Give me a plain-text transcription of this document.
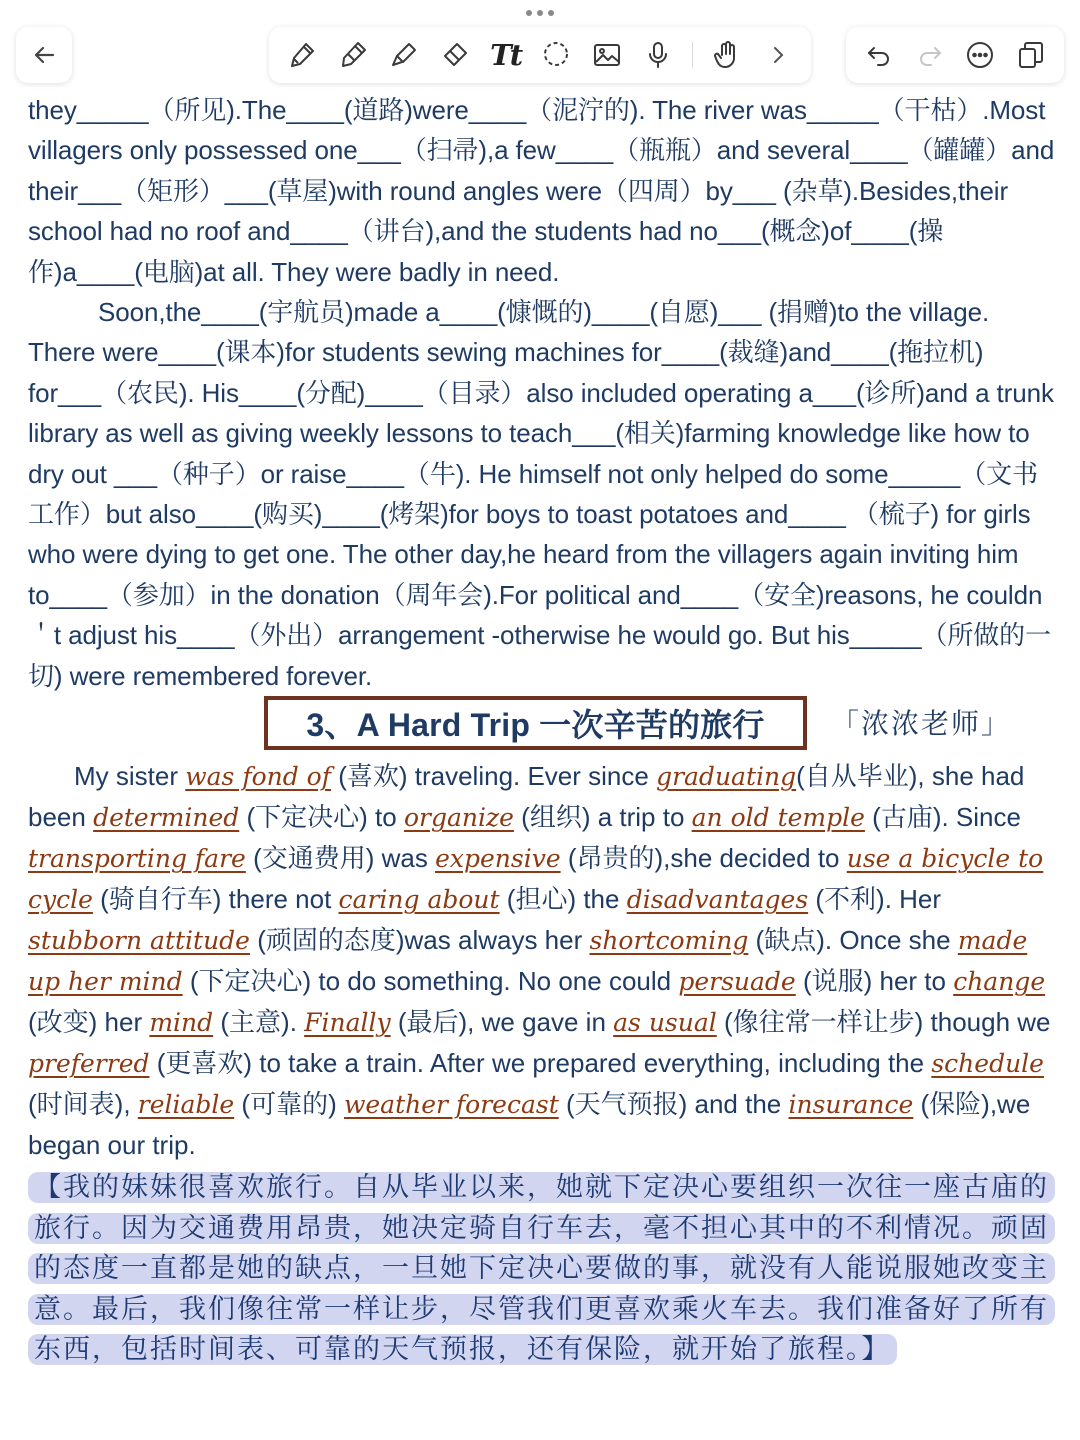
Tt

they_____（所见).The____(道路)were____（泥泞的). The river was_____（干枯）.Most villagers only possessed one___（扫帚),a few____（瓶瓶）and several____（罐罐）and their___（矩形）___(草屋)with round angles were（四周）by___ (杂草).Besides,their school had no roof and____（讲台),and the students had no___(概念)of____(操作)a____(电脑)at all. They were badly in need.

Soon,the____(宇航员)made a____(慷慨的)____(自愿)___ (捐赠)to the village. There were____(课本)for students sewing machines for____(裁缝)and____(拖拉机) for___（农民). His____(分配)____（目录）also included operating a___(诊所)and a trunk library as well as giving weekly lessons to teach___(相关)farming knowledge like how to dry out ___（种子）or raise____（牛). He himself not only helped do some_____（文书工作）but also____(购买)____(烤架)for boys to toast potatoes and____ （梳子) for girls who were dying to get one. The other day,he heard from the villagers again inviting him to____（参加）in the donation（周年会).For political and____（安全)reasons, he couldn＇t adjust his____（外出）arrangement -otherwise he would go. But his_____（所做的一切) were remembered forever.

3、A Hard Trip 一次辛苦的旅行	「浓浓老师」

My sister was fond of (喜欢) traveling. Ever since graduating(自从毕业), she had been determined (下定决心) to organize (组织) a trip to an old temple (古庙). Since transporting fare (交通费用) was expensive (昂贵的),she decided to use a bicycle to cycle (骑自行车) there not caring about (担心) the disadvantages (不利). Her stubborn attitude (顽固的态度)was always her shortcoming (缺点). Once she made up her mind (下定决心) to do something. No one could persuade (说服) her to change (改变) her mind (主意). Finally (最后), we gave in as usual (像往常一样让步) though we preferred (更喜欢) to take a train. After we prepared everything, including the schedule (时间表), reliable (可靠的) weather forecast (天气预报) and the insurance (保险),we began our trip.

【我的妹妹很喜欢旅行。自从毕业以来，她就下定决心要组织一次往一座古庙的旅行。因为交通费用昂贵，她决定骑自行车去，毫不担心其中的不利情况。顽固的态度一直都是她的缺点，一旦她下定决心要做的事，就没有人能说服她改变主意。最后，我们像往常一样让步，尽管我们更喜欢乘火车去。我们准备好了所有东西，包括时间表、可靠的天气预报，还有保险，就开始了旅程。】
